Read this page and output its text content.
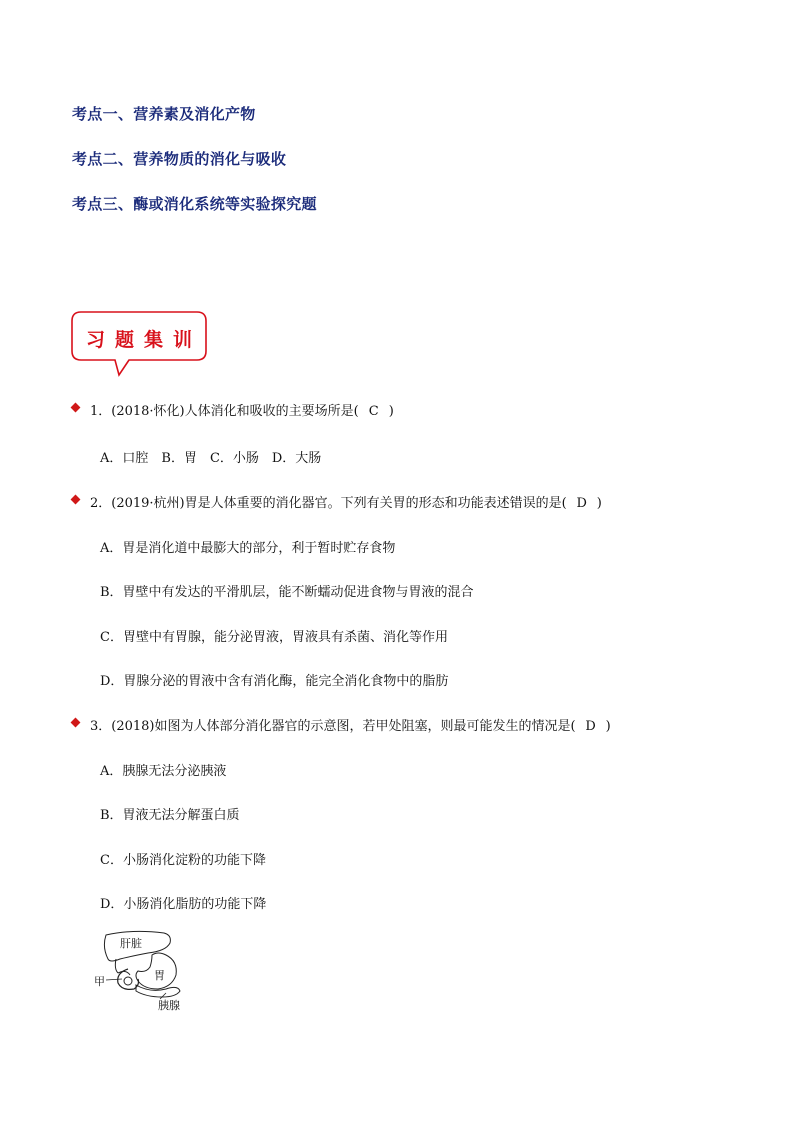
考点一、营养素及消化产物
考点二、营养物质的消化与吸收
考点三、酶或消化系统等实验探究题
习题集训
1．(2018·怀化)人体消化和吸收的主要场所是( C )
A．口腔　B．胃　C．小肠　D．大肠
2．(2019·杭州)胃是人体重要的消化器官。下列有关胃的形态和功能表述错误的是( D )
A．胃是消化道中最膨大的部分，利于暂时贮存食物
B．胃壁中有发达的平滑肌层，能不断蠕动促进食物与胃液的混合
C．胃壁中有胃腺，能分泌胃液，胃液具有杀菌、消化等作用
D．胃腺分泌的胃液中含有消化酶，能完全消化食物中的脂肪
3．(2018)如图为人体部分消化器官的示意图，若甲处阻塞，则最可能发生的情况是( D )
A．胰腺无法分泌胰液
B．胃液无法分解蛋白质
C．小肠消化淀粉的功能下降
D．小肠消化脂肪的功能下降
肝脏
胃
甲
胰腺
